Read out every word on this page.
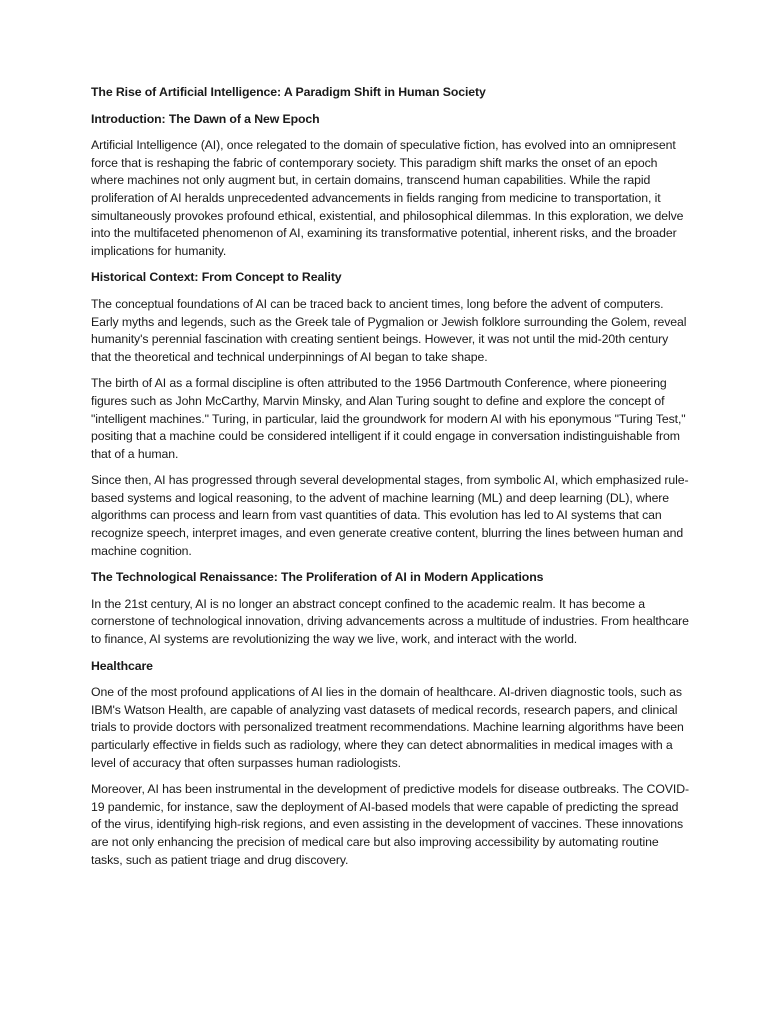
The Rise of Artificial Intelligence: A Paradigm Shift in Human Society
Introduction: The Dawn of a New Epoch
Artificial Intelligence (AI), once relegated to the domain of speculative fiction, has evolved into an omnipresent force that is reshaping the fabric of contemporary society. This paradigm shift marks the onset of an epoch where machines not only augment but, in certain domains, transcend human capabilities. While the rapid proliferation of AI heralds unprecedented advancements in fields ranging from medicine to transportation, it simultaneously provokes profound ethical, existential, and philosophical dilemmas. In this exploration, we delve into the multifaceted phenomenon of AI, examining its transformative potential, inherent risks, and the broader implications for humanity.
Historical Context: From Concept to Reality
The conceptual foundations of AI can be traced back to ancient times, long before the advent of computers. Early myths and legends, such as the Greek tale of Pygmalion or Jewish folklore surrounding the Golem, reveal humanity's perennial fascination with creating sentient beings. However, it was not until the mid-20th century that the theoretical and technical underpinnings of AI began to take shape.
The birth of AI as a formal discipline is often attributed to the 1956 Dartmouth Conference, where pioneering figures such as John McCarthy, Marvin Minsky, and Alan Turing sought to define and explore the concept of "intelligent machines." Turing, in particular, laid the groundwork for modern AI with his eponymous "Turing Test," positing that a machine could be considered intelligent if it could engage in conversation indistinguishable from that of a human.
Since then, AI has progressed through several developmental stages, from symbolic AI, which emphasized rule-based systems and logical reasoning, to the advent of machine learning (ML) and deep learning (DL), where algorithms can process and learn from vast quantities of data. This evolution has led to AI systems that can recognize speech, interpret images, and even generate creative content, blurring the lines between human and machine cognition.
The Technological Renaissance: The Proliferation of AI in Modern Applications
In the 21st century, AI is no longer an abstract concept confined to the academic realm. It has become a cornerstone of technological innovation, driving advancements across a multitude of industries. From healthcare to finance, AI systems are revolutionizing the way we live, work, and interact with the world.
Healthcare
One of the most profound applications of AI lies in the domain of healthcare. AI-driven diagnostic tools, such as IBM's Watson Health, are capable of analyzing vast datasets of medical records, research papers, and clinical trials to provide doctors with personalized treatment recommendations. Machine learning algorithms have been particularly effective in fields such as radiology, where they can detect abnormalities in medical images with a level of accuracy that often surpasses human radiologists.
Moreover, AI has been instrumental in the development of predictive models for disease outbreaks. The COVID-19 pandemic, for instance, saw the deployment of AI-based models that were capable of predicting the spread of the virus, identifying high-risk regions, and even assisting in the development of vaccines. These innovations are not only enhancing the precision of medical care but also improving accessibility by automating routine tasks, such as patient triage and drug discovery.
